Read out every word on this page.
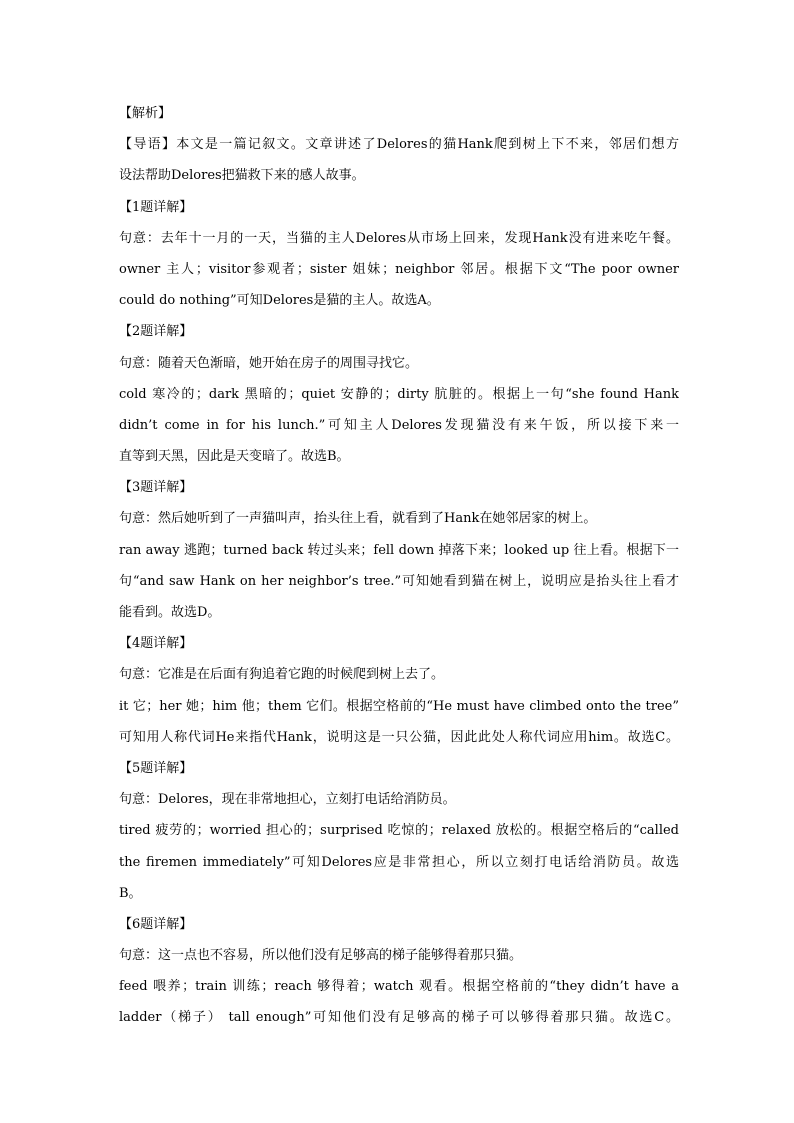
【解析】
【导语】本文是一篇记叙文。文章讲述了Delores的猫Hank爬到树上下不来，邻居们想方
设法帮助Delores把猫救下来的感人故事。
【1题详解】
句意：去年十一月的一天，当猫的主人Delores从市场上回来，发现Hank没有进来吃午餐。
owner 主人；visitor参观者；sister 姐妹；neighbor 邻居。根据下文“The poor owner
could do nothing”可知Delores是猫的主人。故选A。
【2题详解】
句意：随着天色渐暗，她开始在房子的周围寻找它。
cold 寒冷的；dark 黑暗的；quiet 安静的；dirty 肮脏的。根据上一句“she found Hank
didn’t come in for his lunch.”可知主人Delores发现猫没有来午饭，所以接下来一
直等到天黑，因此是天变暗了。故选B。
【3题详解】
句意：然后她听到了一声猫叫声，抬头往上看，就看到了Hank在她邻居家的树上。
ran away 逃跑；turned back 转过头来；fell down 掉落下来；looked up 往上看。根据下一
句“and saw Hank on her neighbor’s tree.”可知她看到猫在树上，说明应是抬头往上看才
能看到。故选D。
【4题详解】
句意：它准是在后面有狗追着它跑的时候爬到树上去了。
it 它；her 她；him 他；them 它们。根据空格前的“He must have climbed onto the tree”
可知用人称代词He来指代Hank，说明这是一只公猫，因此此处人称代词应用him。故选C。
【5题详解】
句意：Delores，现在非常地担心，立刻打电话给消防员。
tired 疲劳的；worried 担心的；surprised 吃惊的；relaxed 放松的。根据空格后的“called
the firemen immediately”可知Delores应是非常担心，所以立刻打电话给消防员。故选
B。
【6题详解】
句意：这一点也不容易，所以他们没有足够高的梯子能够得着那只猫。
feed 喂养；train 训练；reach 够得着；watch 观看。根据空格前的“they didn’t have a
ladder（梯子） tall enough”可知他们没有足够高的梯子可以够得着那只猫。故选C。
